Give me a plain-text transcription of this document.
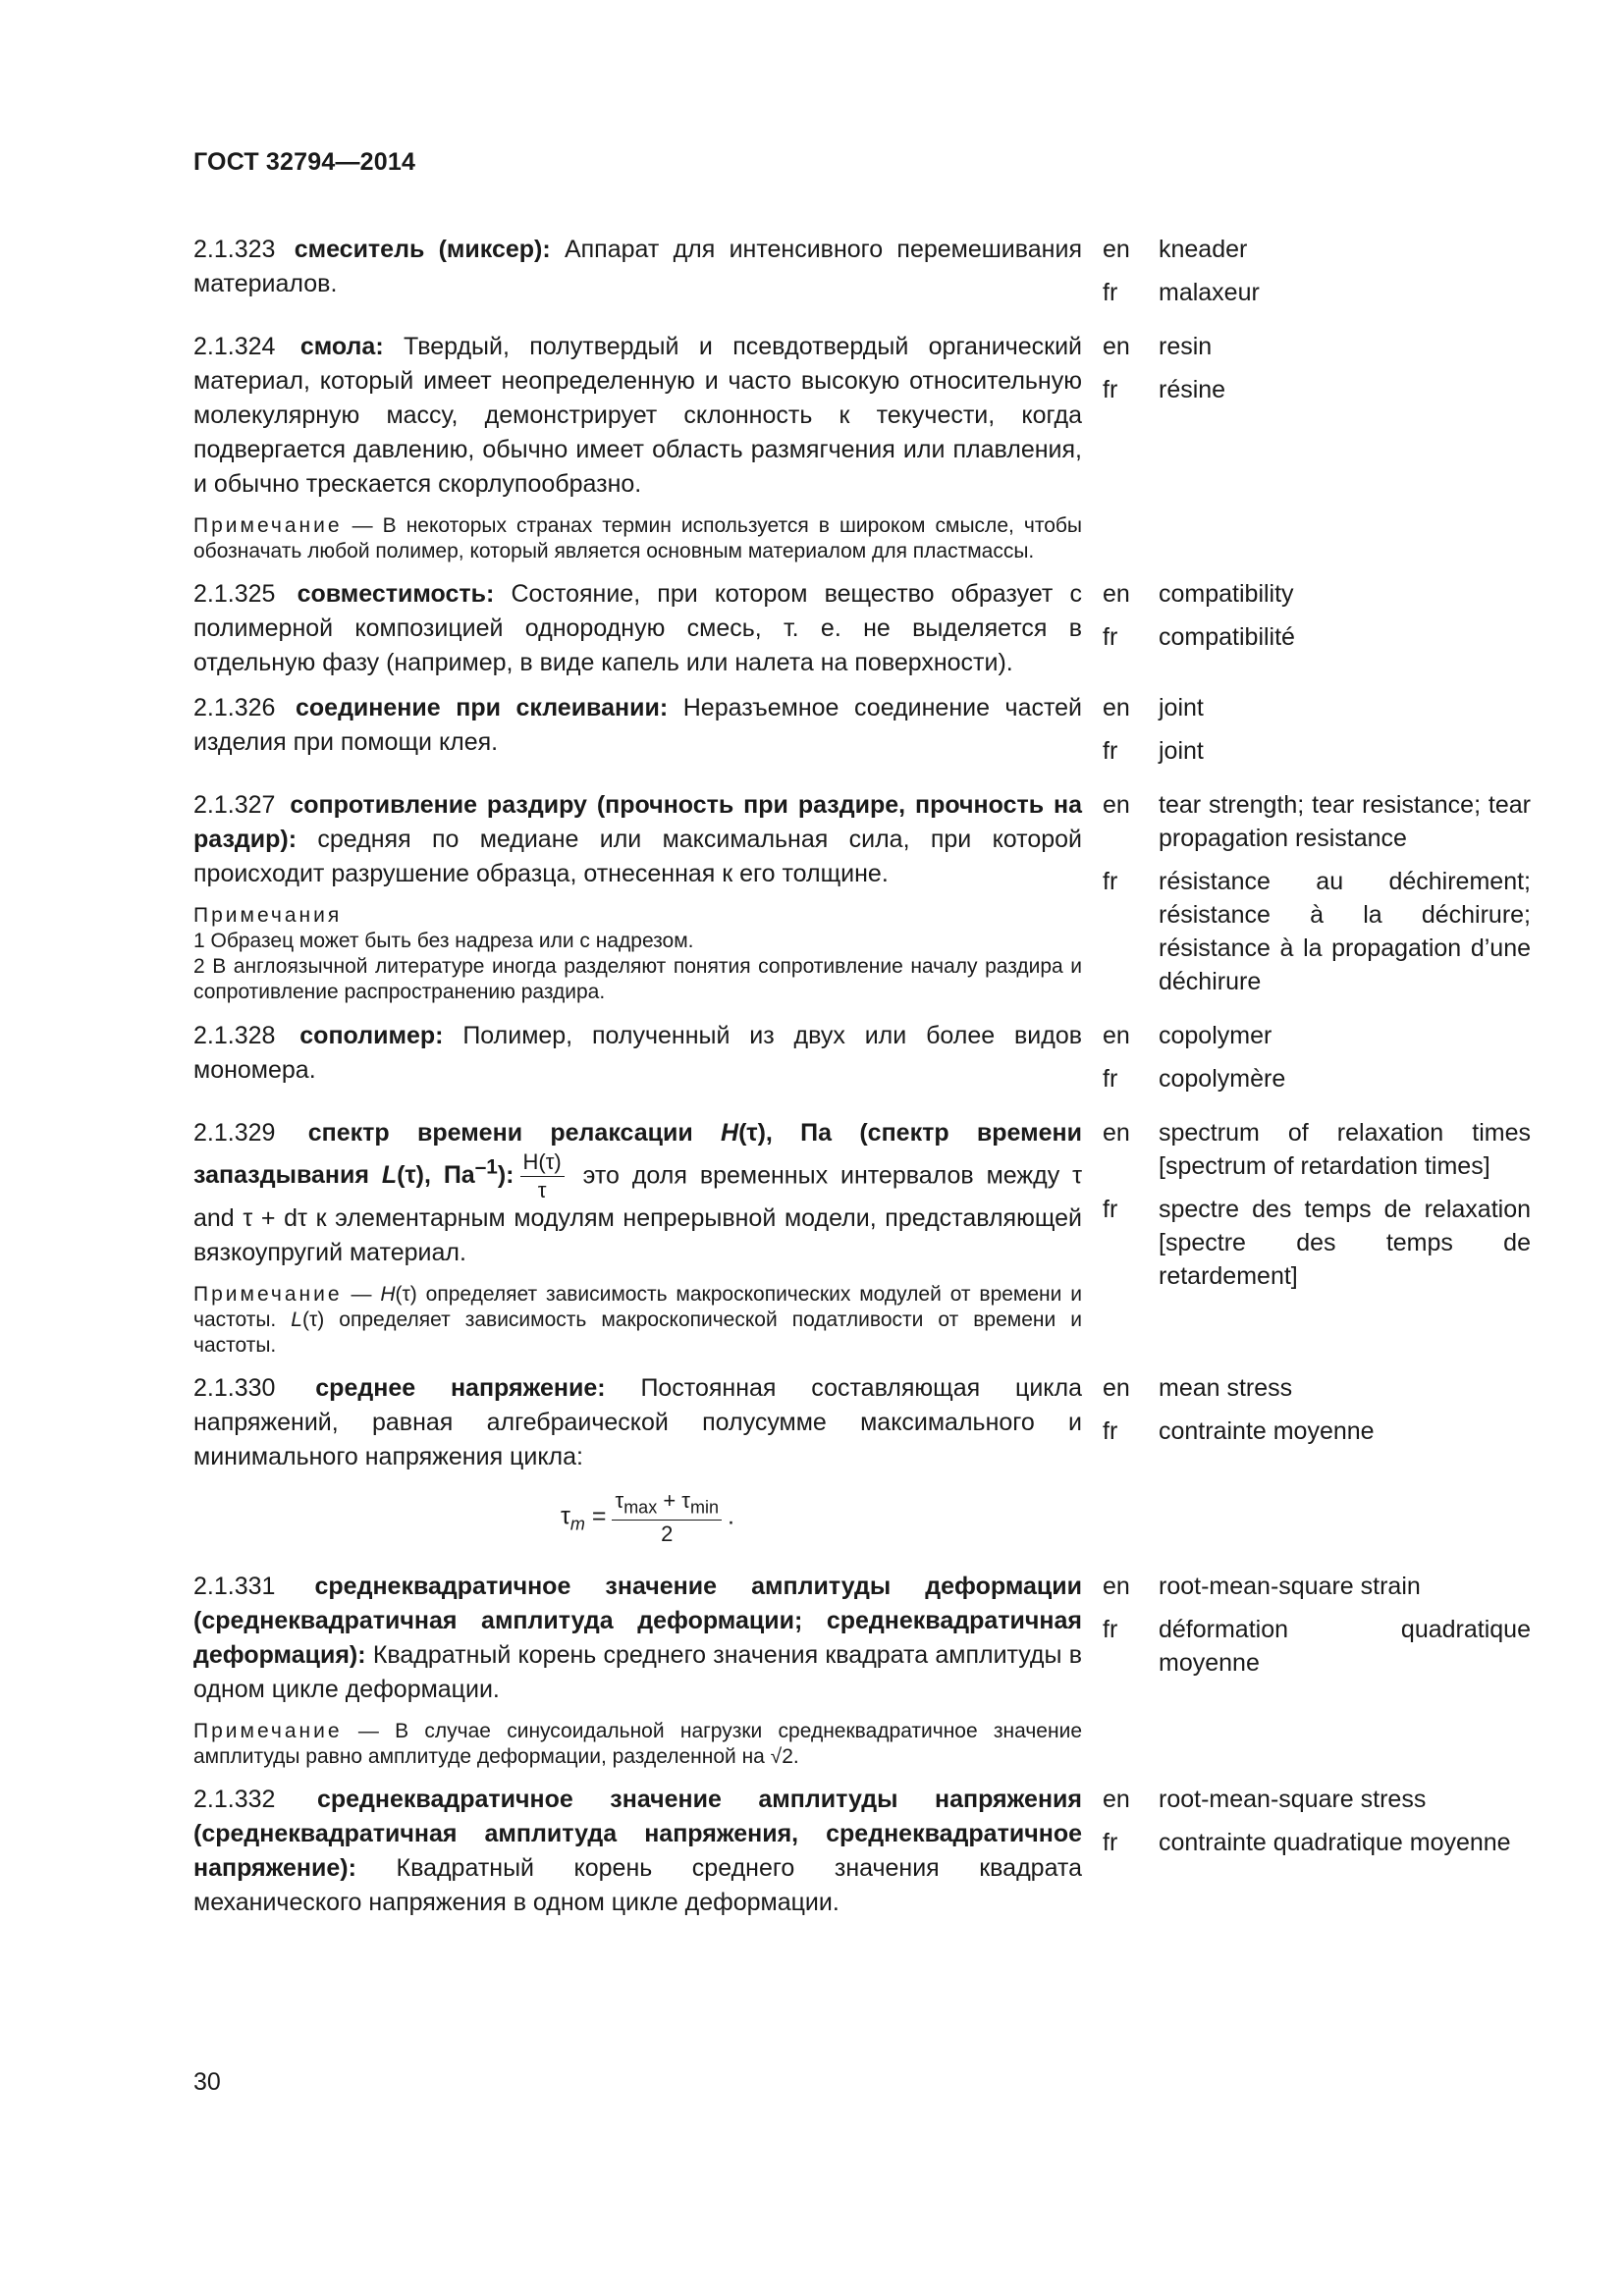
ГОСТ 32794—2014

2.1.323 смеситель (миксер): Аппарат для интенсивного перемешивания материалов.

en	kneader
fr	malaxeur

2.1.324 смола: Твердый, полутвердый и псевдотвердый органический материал, который имеет неопределенную и часто высокую относительную молекулярную массу, демонстрирует склонность к текучести, когда подвергается давлению, обычно имеет область размягчения или плавления, и обычно трескается скорлупообразно.

Примечание — В некоторых странах термин используется в широком смысле, чтобы обозначать любой полимер, который является основным материалом для пластмассы.

en	resin
fr	résine

2.1.325 совместимость: Состояние, при котором вещество образует с полимерной композицией однородную смесь, т. е. не выделяется в отдельную фазу (например, в виде капель или налета на поверхности).

en	compatibility
fr	compatibilité

2.1.326 соединение при склеивании: Неразъемное соединение частей изделия при помощи клея.

en	joint
fr	joint

2.1.327 сопротивление раздиру (прочность при раздире, прочность на раздир): средняя по медиане или максимальная сила, при которой происходит разрушение образца, отнесенная к его толщине.

Примечания
1 Образец может быть без надреза или с надрезом.
2 В англоязычной литературе иногда разделяют понятия сопротивление началу раздира и сопротивление распространению раздира.

en	tear strength; tear resistance; tear propagation resistance
fr	résistance au déchirement; résistance à la déchirure; résistance à la propagation d’une déchirure

2.1.328 сополимер: Полимер, полученный из двух или более видов мономера.

en	copolymer
fr	copolymère

2.1.329 спектр времени релаксации H(τ), Па (спектр времени запаздывания L(τ), $Па^{-1}$): $\frac{H(\tau)}{\tau}$ это доля временных интервалов между τ and τ + dτ к элементарным модулям непрерывной модели, представляющей вязкоупругий материал.

Примечание — H(τ) определяет зависимость макроскопических модулей от времени и частоты. L(τ) определяет зависимость макроскопической податливости от времени и частоты.

en	spectrum of relaxation times [spectrum of retardation times]
fr	spectre des temps de relaxation [spectre des temps de retardement]

2.1.330 среднее напряжение: Постоянная составляющая цикла напряжений, равная алгебраической полусумме максимального и минимального напряжения цикла:

$\tau_m = \frac{\tau_{max} + \tau_{min}}{2}$ .
en	mean stress
fr	contrainte moyenne

2.1.331 среднеквадратичное значение амплитуды деформации (среднеквадратичная амплитуда деформации; среднеквадратичная деформация): Квадратный корень среднего значения квадрата амплитуды в одном цикле деформации.

Примечание — В случае синусоидальной нагрузки среднеквадратичное значение амплитуды равно амплитуде деформации, разделенной на √2.

en	root-mean-square strain
fr	déformation quadratique moyenne

2.1.332 среднеквадратичное значение амплитуды напряжения (среднеквадратичная амплитуда напряжения, среднеквадратичное напряжение): Квадратный корень среднего значения квадрата механического напряжения в одном цикле деформации.

en	root-mean-square stress
fr	contrainte quadratique moyenne
30
